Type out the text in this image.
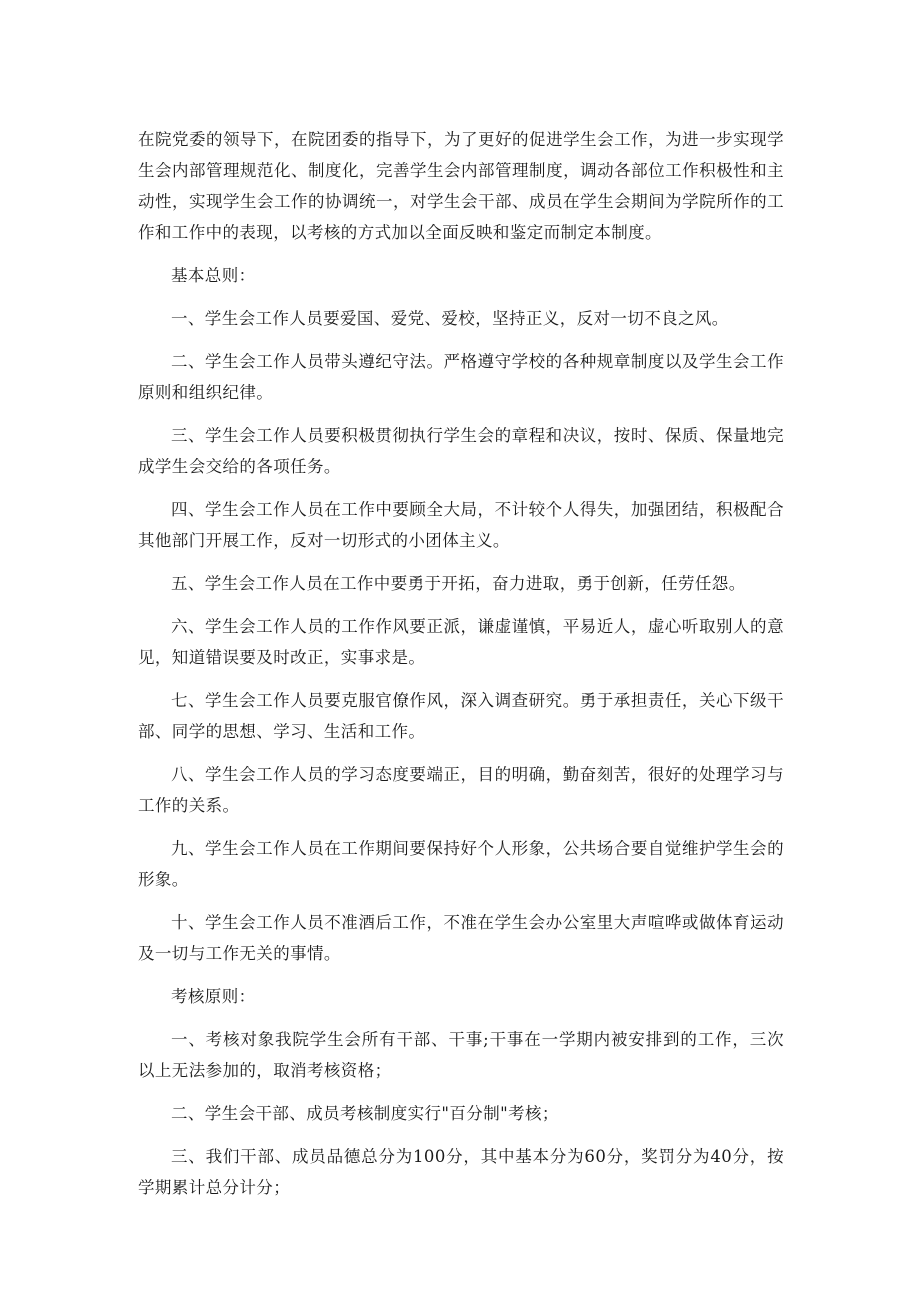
在院党委的领导下，在院团委的指导下，为了更好的促进学生会工作，为进一步实现学生会内部管理规范化、制度化，完善学生会内部管理制度，调动各部位工作积极性和主动性，实现学生会工作的协调统一，对学生会干部、成员在学生会期间为学院所作的工作和工作中的表现，以考核的方式加以全面反映和鉴定而制定本制度。

基本总则：

一、学生会工作人员要爱国、爱党、爱校，坚持正义，反对一切不良之风。

二、学生会工作人员带头遵纪守法。严格遵守学校的各种规章制度以及学生会工作原则和组织纪律。

三、学生会工作人员要积极贯彻执行学生会的章程和决议，按时、保质、保量地完成学生会交给的各项任务。

四、学生会工作人员在工作中要顾全大局，不计较个人得失，加强团结，积极配合其他部门开展工作，反对一切形式的小团体主义。

五、学生会工作人员在工作中要勇于开拓，奋力进取，勇于创新，任劳任怨。

六、学生会工作人员的工作作风要正派，谦虚谨慎，平易近人，虚心听取别人的意见，知道错误要及时改正，实事求是。

七、学生会工作人员要克服官僚作风，深入调查研究。勇于承担责任，关心下级干部、同学的思想、学习、生活和工作。

八、学生会工作人员的学习态度要端正，目的明确，勤奋刻苦，很好的处理学习与工作的关系。

九、学生会工作人员在工作期间要保持好个人形象，公共场合要自觉维护学生会的形象。

十、学生会工作人员不准酒后工作，不准在学生会办公室里大声喧哗或做体育运动及一切与工作无关的事情。

考核原则：

一、考核对象我院学生会所有干部、干事;干事在一学期内被安排到的工作，三次以上无法参加的，取消考核资格；

二、学生会干部、成员考核制度实行"百分制"考核；

三、我们干部、成员品德总分为100分，其中基本分为60分，奖罚分为40分，按学期累计总分计分；
